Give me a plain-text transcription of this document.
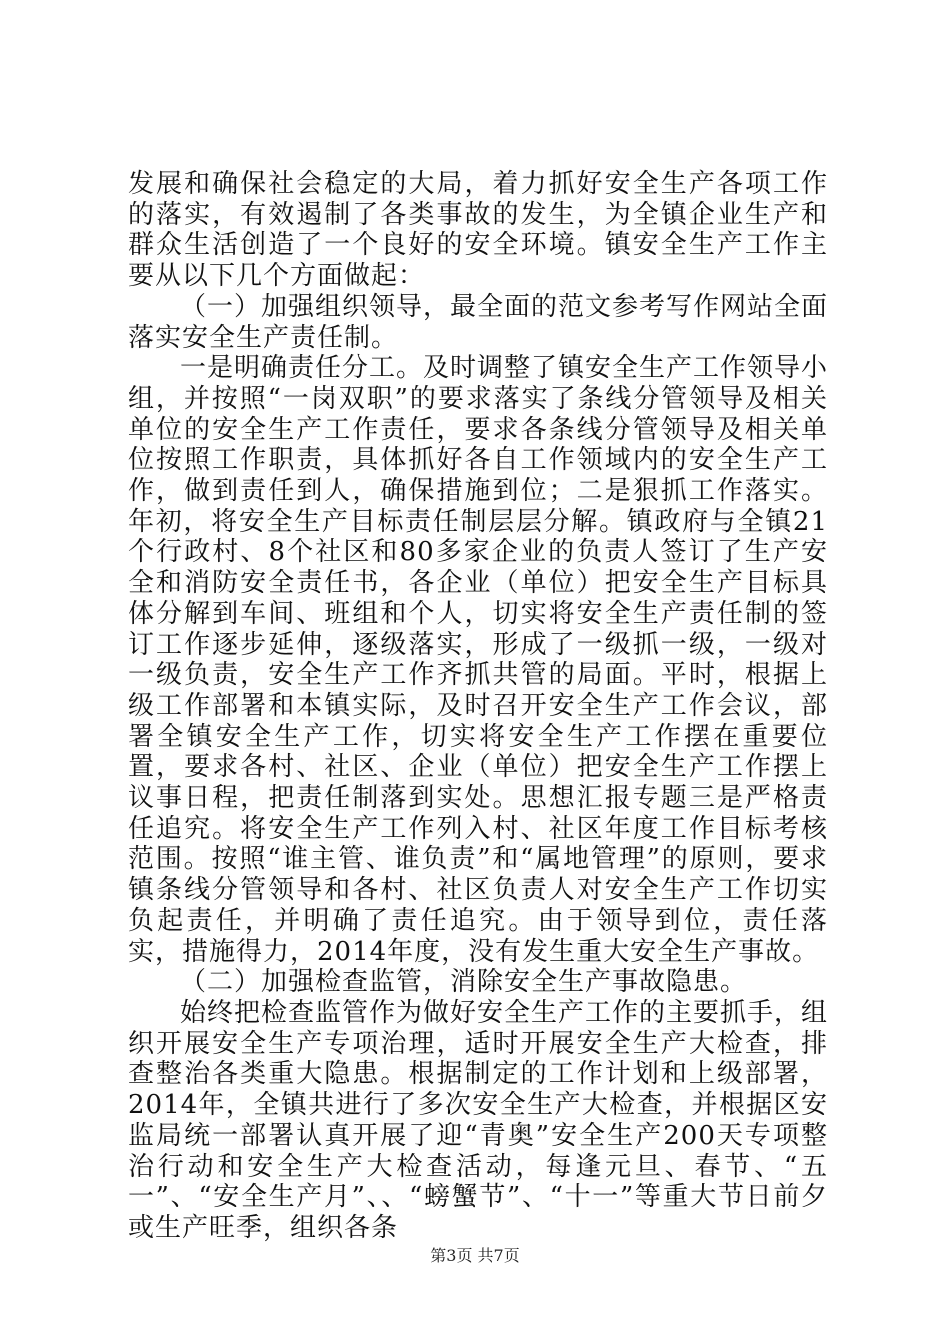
发展和确保社会稳定的大局，着力抓好安全生产各项工作的落实，有效遏制了各类事故的发生，为全镇企业生产和群众生活创造了一个良好的安全环境。镇安全生产工作主要从以下几个方面做起：

（一）加强组织领导，最全面的范文参考写作网站全面落实安全生产责任制。

一是明确责任分工。及时调整了镇安全生产工作领导小组，并按照“一岗双职”的要求落实了条线分管领导及相关单位的安全生产工作责任，要求各条线分管领导及相关单位按照工作职责，具体抓好各自工作领域内的安全生产工作，做到责任到人，确保措施到位；二是狠抓工作落实。年初，将安全生产目标责任制层层分解。镇政府与全镇21个行政村、8个社区和80多家企业的负责人签订了生产安全和消防安全责任书，各企业（单位）把安全生产目标具体分解到车间、班组和个人，切实将安全生产责任制的签订工作逐步延伸，逐级落实，形成了一级抓一级，一级对一级负责，安全生产工作齐抓共管的局面。平时，根据上级工作部署和本镇实际，及时召开安全生产工作会议，部署全镇安全生产工作，切实将安全生产工作摆在重要位置，要求各村、社区、企业（单位）把安全生产工作摆上议事日程，把责任制落到实处。思想汇报专题三是严格责任追究。将安全生产工作列入村、社区年度工作目标考核范围。按照“谁主管、谁负责”和“属地管理”的原则，要求镇条线分管领导和各村、社区负责人对安全生产工作切实负起责任，并明确了责任追究。由于领导到位，责任落实，措施得力，2014年度，没有发生重大安全生产事故。

（二）加强检查监管，消除安全生产事故隐患。

始终把检查监管作为做好安全生产工作的主要抓手，组织开展安全生产专项治理，适时开展安全生产大检查，排查整治各类重大隐患。根据制定的工作计划和上级部署，2014年，全镇共进行了多次安全生产大检查，并根据区安监局统一部署认真开展了迎“青奥”安全生产200天专项整治行动和安全生产大检查活动，每逢元旦、春节、“五一”、“安全生产月”、、“螃蟹节”、“十一”等重大节日前夕或生产旺季，组织各条

第3页 共7页
